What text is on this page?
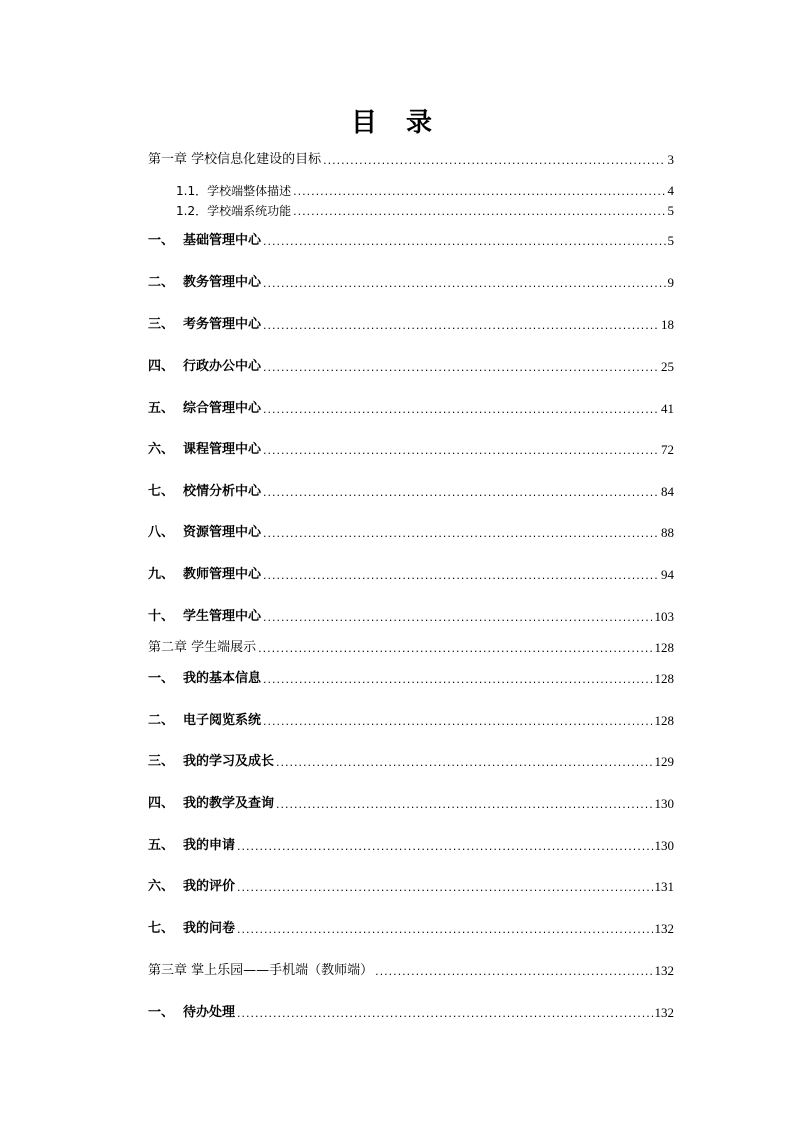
目 录
第一章 学校信息化建设的目标 .....	3
1.1．学校端整体描述 .....	4
1.2．学校端系统功能 .....	5
一、 基础管理中心 .....	5
二、 教务管理中心 .....	9
三、 考务管理中心 .....	18
四、 行政办公中心 .....	25
五、 综合管理中心 .....	41
六、 课程管理中心 .....	72
七、 校情分析中心 .....	84
八、 资源管理中心 .....	88
九、 教师管理中心 .....	94
十、 学生管理中心 .....	103
第二章 学生端展示 .....	128
一、 我的基本信息 .....	128
二、 电子阅览系统 .....	128
三、 我的学习及成长 .....	129
四、 我的教学及查询 .....	130
五、 我的申请 .....	130
六、 我的评价 .....	131
七、 我的问卷 .....	132
第三章 掌上乐园——手机端（教师端） .....	132
一、 待办处理 .....	132
